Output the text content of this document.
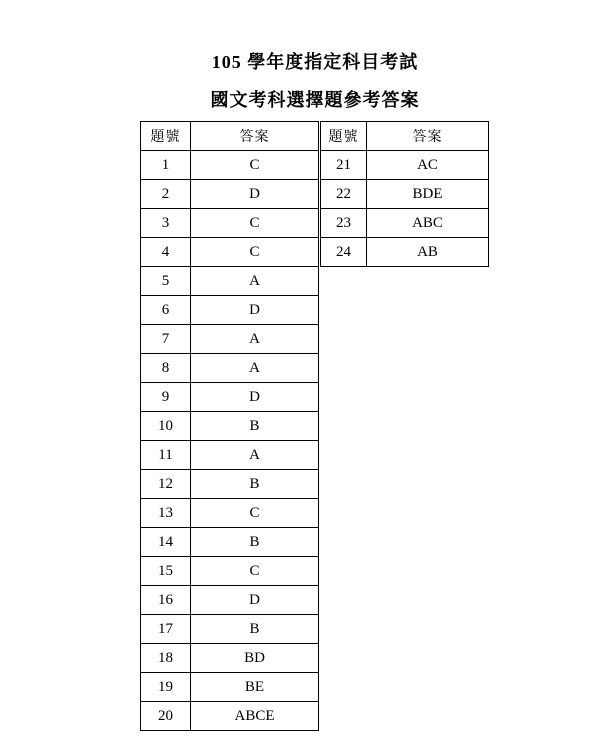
105 學年度指定科目考試
國文考科選擇題參考答案
題號	答案
1	C
2	D
3	C
4	C
5	A
6	D
7	A
8	A
9	D
10	B
11	A
12	B
13	C
14	B
15	C
16	D
17	B
18	BD
19	BE
20	ABCE
題號	答案
21	AC
22	BDE
23	ABC
24	AB
